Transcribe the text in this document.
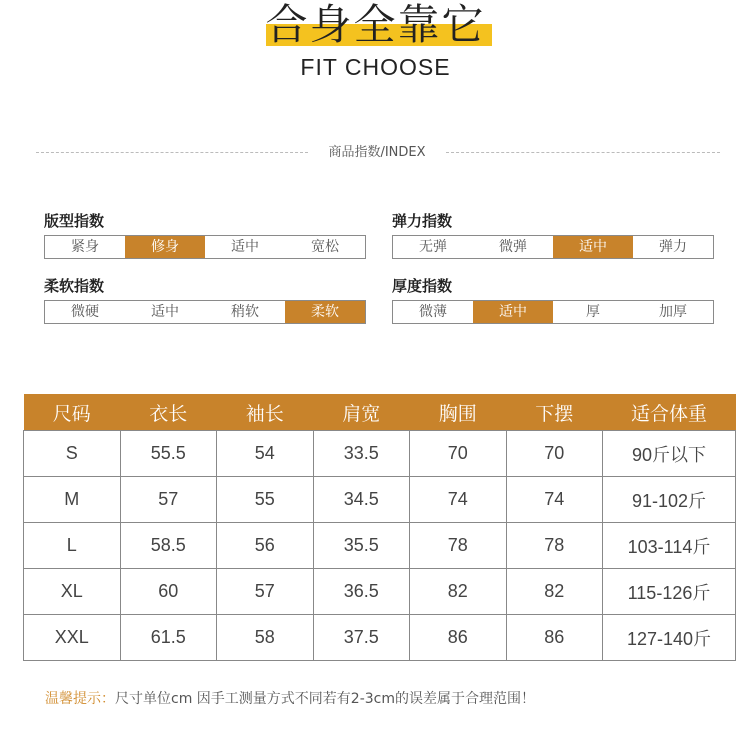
合身全靠它
FIT CHOOSE
商品指数/INDEX
版型指数
紧身	修身	适中	宽松
弹力指数
无弹	微弹	适中	弹力
柔软指数
微硬	适中	稍软	柔软
厚度指数
微薄	适中	厚	加厚
尺码	衣长	袖长	肩宽	胸围	下摆	适合体重
S	55.5	54	33.5	70	70	90斤以下
M	57	55	34.5	74	74	91-102斤
L	58.5	56	35.5	78	78	103-114斤
XL	60	57	36.5	82	82	115-126斤
XXL	61.5	58	37.5	86	86	127-140斤
温馨提示：尺寸单位cm 因手工测量方式不同若有2-3cm的误差属于合理范围！
